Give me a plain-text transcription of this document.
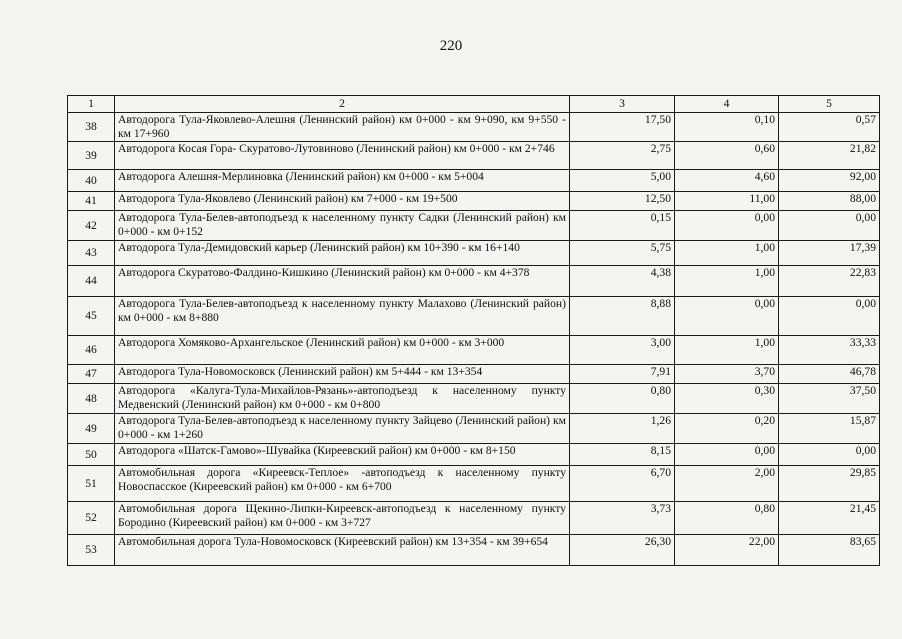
220
1	2	3	4	5
38	Автодорога Тула-Яковлево-Алешня (Ленинский район) км 0+000 - км 9+090, км 9+550 - км 17+960	17,50	0,10	0,57
39	Автодорога Косая Гора- Скуратово-Лутовиново (Ленинский район) км 0+000 - км 2+746	2,75	0,60	21,82
40	Автодорога Алешня-Мерлиновка (Ленинский район) км 0+000 - км 5+004	5,00	4,60	92,00
41	Автодорога Тула-Яковлево (Ленинский район) км 7+000 - км 19+500	12,50	11,00	88,00
42	Автодорога Тула-Белев-автоподъезд к населенному пункту Садки (Ленинский район) км 0+000 - км 0+152	0,15	0,00	0,00
43	Автодорога Тула-Демидовский карьер (Ленинский район) км 10+390 - км 16+140	5,75	1,00	17,39
44	Автодорога Скуратово-Фалдино-Кишкино (Ленинский район) км 0+000 - км 4+378	4,38	1,00	22,83
45	Автодорога Тула-Белев-автоподъезд к населенному пункту Малахово (Ленинский район) км 0+000 - км 8+880	8,88	0,00	0,00
46	Автодорога Хомяково-Архангельское (Ленинский район) км 0+000 - км 3+000	3,00	1,00	33,33
47	Автодорога Тула-Новомосковск (Ленинский район) км 5+444 - км 13+354	7,91	3,70	46,78
48	Автодорога «Калуга-Тула-Михайлов-Рязань»-автоподъезд к населенному пункту Медвенский (Ленинский район) км 0+000 - км 0+800	0,80	0,30	37,50
49	Автодорога Тула-Белев-автоподъезд к населенному пункту Зайцево (Ленинский район) км 0+000 - км 1+260	1,26	0,20	15,87
50	Автодорога «Шатск-Гамово»-Шувайка (Киреевский район) км 0+000 - км 8+150	8,15	0,00	0,00
51	Автомобильная дорога «Киреевск-Теплое» -автоподъезд к населенному пункту Новоспасское (Киреевский район) км 0+000 - км 6+700	6,70	2,00	29,85
52	Автомобильная дорога Щекино-Липки-Киреевск-автоподъезд к населенному пункту Бородино (Киреевский район) км 0+000 - км 3+727	3,73	0,80	21,45
53	Автомобильная дорога Тула-Новомосковск (Киреевский район) км 13+354 - км 39+654	26,30	22,00	83,65
